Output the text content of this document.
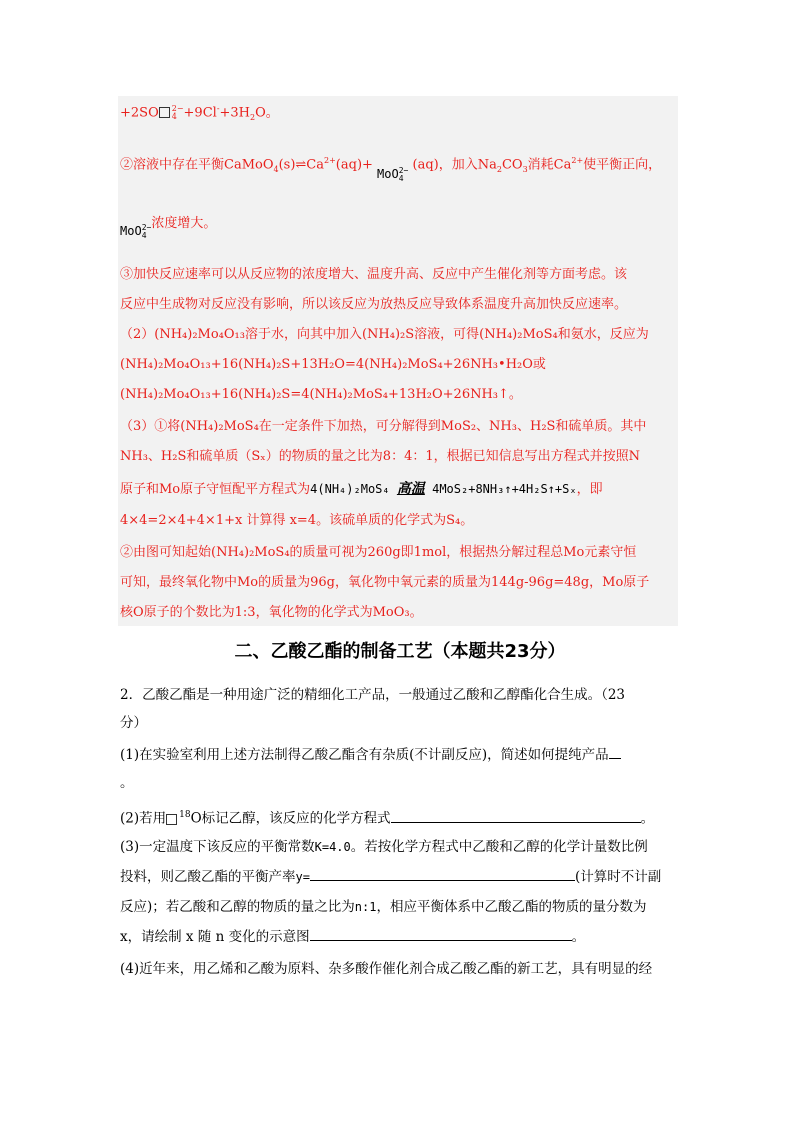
+2SO 2−
$4 +9Cl^-+3H_2O$。
②溶液中存在平衡$CaMoO_4(s)\rightleftharpoons Ca^{2+}(aq)+ MoO2-$
4 (aq)，加入$Na_2CO_3$消耗$Ca^{2+}$使平衡正向，
MoO2−
4浓度增大。
③加快反应速率可以从反应物的浓度增大、温度升高、反应中产生催化剂等方面考虑。该
反应中生成物对反应没有影响，所以该反应为放热反应导致体系温度升高加快反应速率。
（2）(NH₄)₂Mo₄O₁₃溶于水，向其中加入(NH₄)₂S溶液，可得(NH₄)₂MoS₄和氨水，反应为
(NH₄)₂Mo₄O₁₃+16(NH₄)₂S+13H₂O=4(NH₄)₂MoS₄+26NH₃•H₂O或
(NH₄)₂Mo₄O₁₃+16(NH₄)₂S=4(NH₄)₂MoS₄+13H₂O+26NH₃↑。
（3）①将(NH₄)₂MoS₄在一定条件下加热，可分解得到MoS₂、NH₃、H₂S和硫单质。其中
NH₃、H₂S和硫单质（Sₓ）的物质的量之比为8：4：1，根据已知信息写出方程式并按照N
原子和Mo原子守恒配平方程式为4(NH₄)₂MoS₄ 高温 4MoS₂+8NH₃↑+4H₂S↑+Sₓ，即
4×4=2×4+4×1+x 计算得 x=4。该硫单质的化学式为S₄。
②由图可知起始(NH₄)₂MoS₄的质量可视为260g即1mol，根据热分解过程总Mo元素守恒
可知，最终氧化物中Mo的质量为96g，氧化物中氧元素的质量为144g-96g=48g，Mo原子
核O原子的个数比为1:3，氧化物的化学式为MoO₃。
二、乙酸乙酯的制备工艺（本题共23分）
2．乙酸乙酯是一种用途广泛的精细化工产品，一般通过乙酸和乙醇酯化合生成。（23
分）
(1)在实验室利用上述方法制得乙酸乙酯含有杂质(不计副反应)，简述如何提纯产品
。
(2)若用 $^{18}$O标记乙醇，该反应的化学方程式	。
(3)一定温度下该反应的平衡常数K=4.0。若按化学方程式中乙酸和乙醇的化学计量数比例
投料，则乙酸乙酯的平衡产率y=	(计算时不计副
反应)；若乙酸和乙醇的物质的量之比为n:1，相应平衡体系中乙酸乙酯的物质的量分数为
x，请绘制 x 随 n 变化的示意图	。
(4)近年来，用乙烯和乙酸为原料、杂多酸作催化剂合成乙酸乙酯的新工艺，具有明显的经
